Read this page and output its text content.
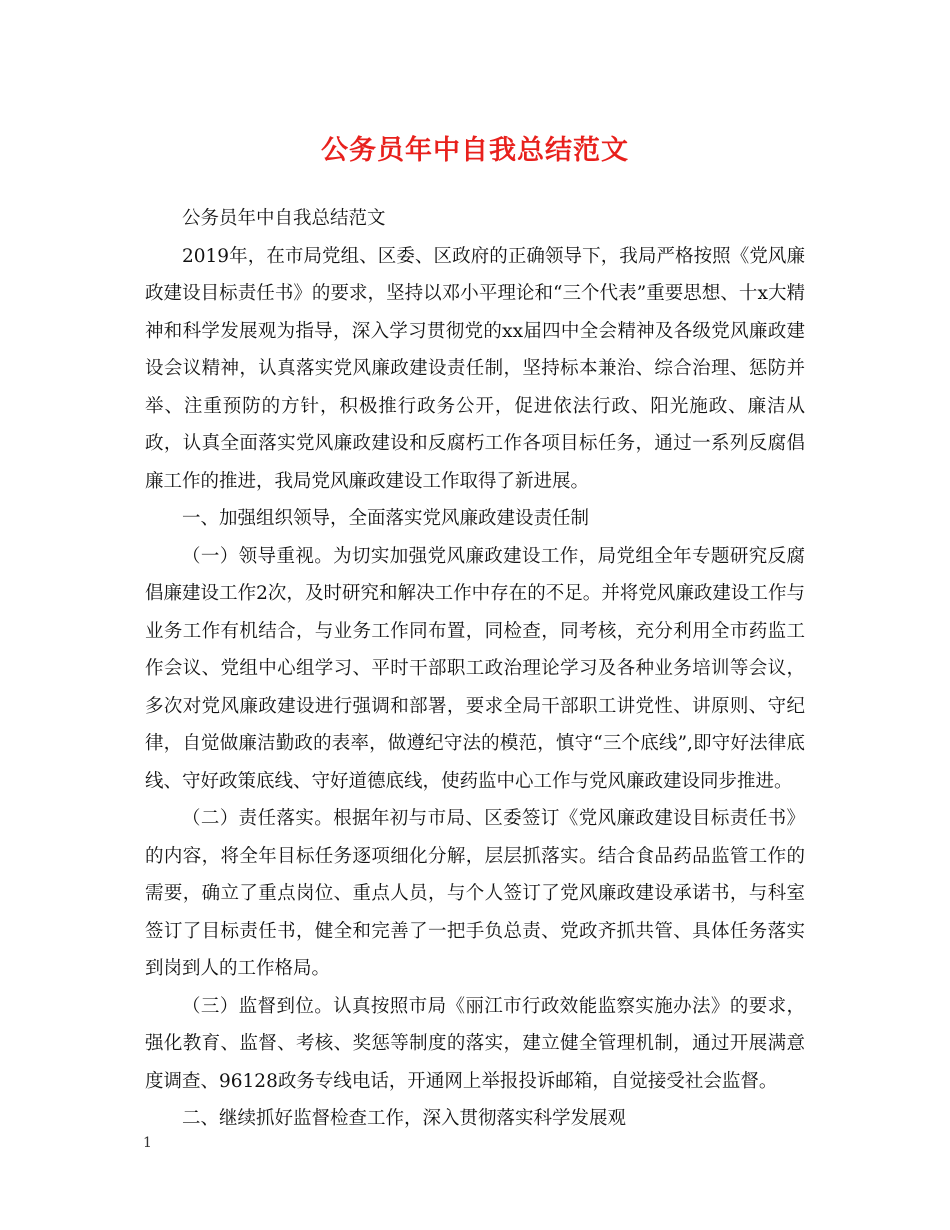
公务员年中自我总结范文

公务员年中自我总结范文

2019年，在市局党组、区委、区政府的正确领导下，我局严格按照《党风廉政建设目标责任书》的要求，坚持以邓小平理论和“三个代表”重要思想、十x大精神和科学发展观为指导，深入学习贯彻党的xx届四中全会精神及各级党风廉政建设会议精神，认真落实党风廉政建设责任制，坚持标本兼治、综合治理、惩防并举、注重预防的方针，积极推行政务公开，促进依法行政、阳光施政、廉洁从政，认真全面落实党风廉政建设和反腐朽工作各项目标任务，通过一系列反腐倡廉工作的推进，我局党风廉政建设工作取得了新进展。

一、加强组织领导，全面落实党风廉政建设责任制

（一）领导重视。为切实加强党风廉政建设工作，局党组全年专题研究反腐倡廉建设工作2次，及时研究和解决工作中存在的不足。并将党风廉政建设工作与业务工作有机结合，与业务工作同布置，同检查，同考核，充分利用全市药监工作会议、党组中心组学习、平时干部职工政治理论学习及各种业务培训等会议，多次对党风廉政建设进行强调和部署，要求全局干部职工讲党性、讲原则、守纪律，自觉做廉洁勤政的表率，做遵纪守法的模范，慎守“三个底线”,即守好法律底线、守好政策底线、守好道德底线，使药监中心工作与党风廉政建设同步推进。

（二）责任落实。根据年初与市局、区委签订《党风廉政建设目标责任书》的内容，将全年目标任务逐项细化分解，层层抓落实。结合食品药品监管工作的需要，确立了重点岗位、重点人员，与个人签订了党风廉政建设承诺书，与科室签订了目标责任书，健全和完善了一把手负总责、党政齐抓共管、具体任务落实到岗到人的工作格局。

（三）监督到位。认真按照市局《丽江市行政效能监察实施办法》的要求，强化教育、监督、考核、奖惩等制度的落实，建立健全管理机制，通过开展满意度调查、96128政务专线电话，开通网上举报投诉邮箱，自觉接受社会监督。

二、继续抓好监督检查工作，深入贯彻落实科学发展观

1
